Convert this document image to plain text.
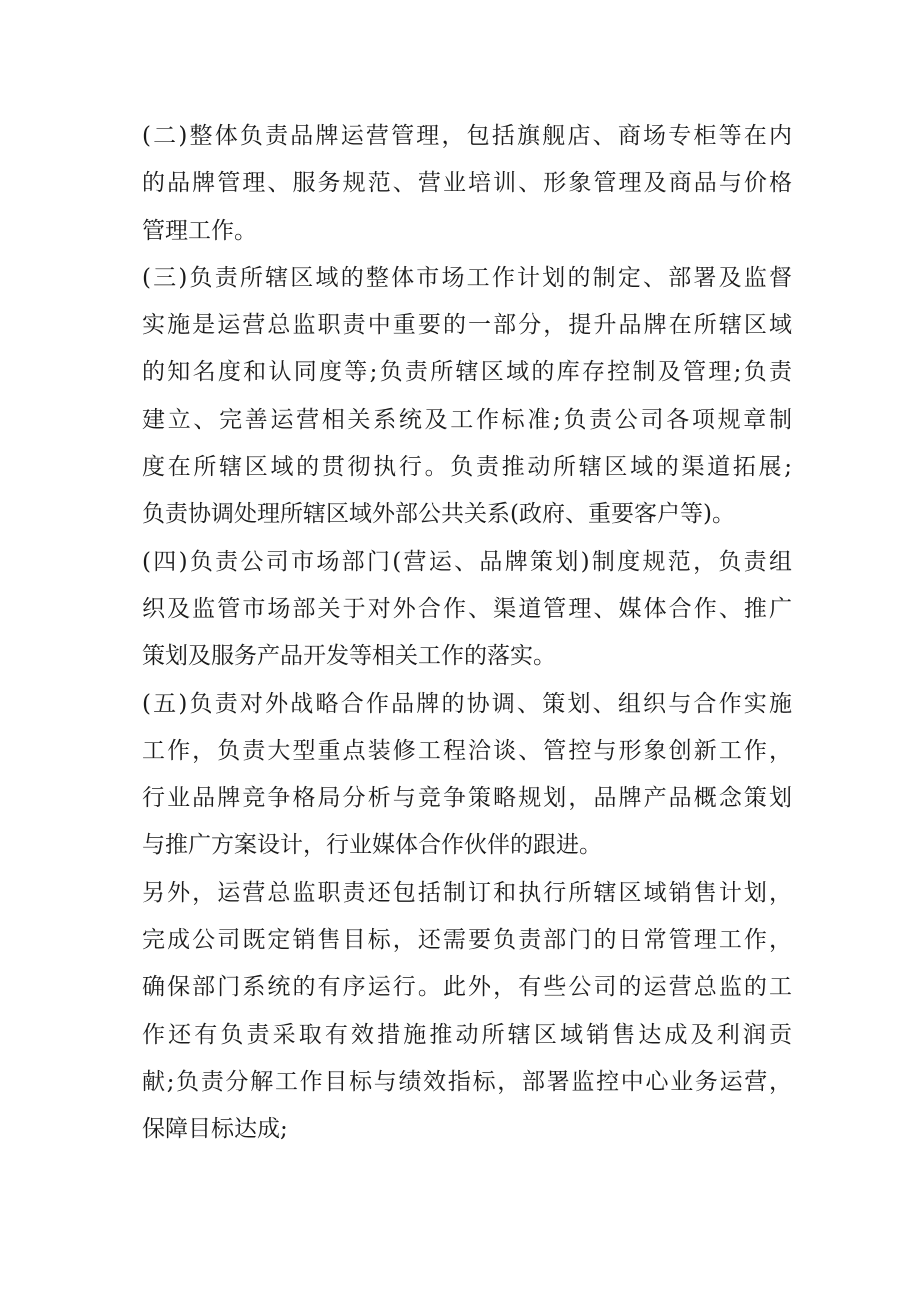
(二)整体负责品牌运营管理，包括旗舰店、商场专柜等在内
的品牌管理、服务规范、营业培训、形象管理及商品与价格
管理工作。
(三)负责所辖区域的整体市场工作计划的制定、部署及监督
实施是运营总监职责中重要的一部分，提升品牌在所辖区域
的知名度和认同度等;负责所辖区域的库存控制及管理;负责
建立、完善运营相关系统及工作标准;负责公司各项规章制
度在所辖区域的贯彻执行。负责推动所辖区域的渠道拓展;
负责协调处理所辖区域外部公共关系(政府、重要客户等)。
(四)负责公司市场部门(营运、品牌策划)制度规范，负责组
织及监管市场部关于对外合作、渠道管理、媒体合作、推广
策划及服务产品开发等相关工作的落实。
(五)负责对外战略合作品牌的协调、策划、组织与合作实施
工作，负责大型重点装修工程洽谈、管控与形象创新工作，
行业品牌竞争格局分析与竞争策略规划，品牌产品概念策划
与推广方案设计，行业媒体合作伙伴的跟进。
另外，运营总监职责还包括制订和执行所辖区域销售计划，
完成公司既定销售目标，还需要负责部门的日常管理工作，
确保部门系统的有序运行。此外，有些公司的运营总监的工
作还有负责采取有效措施推动所辖区域销售达成及利润贡
献;负责分解工作目标与绩效指标，部署监控中心业务运营，
保障目标达成;
